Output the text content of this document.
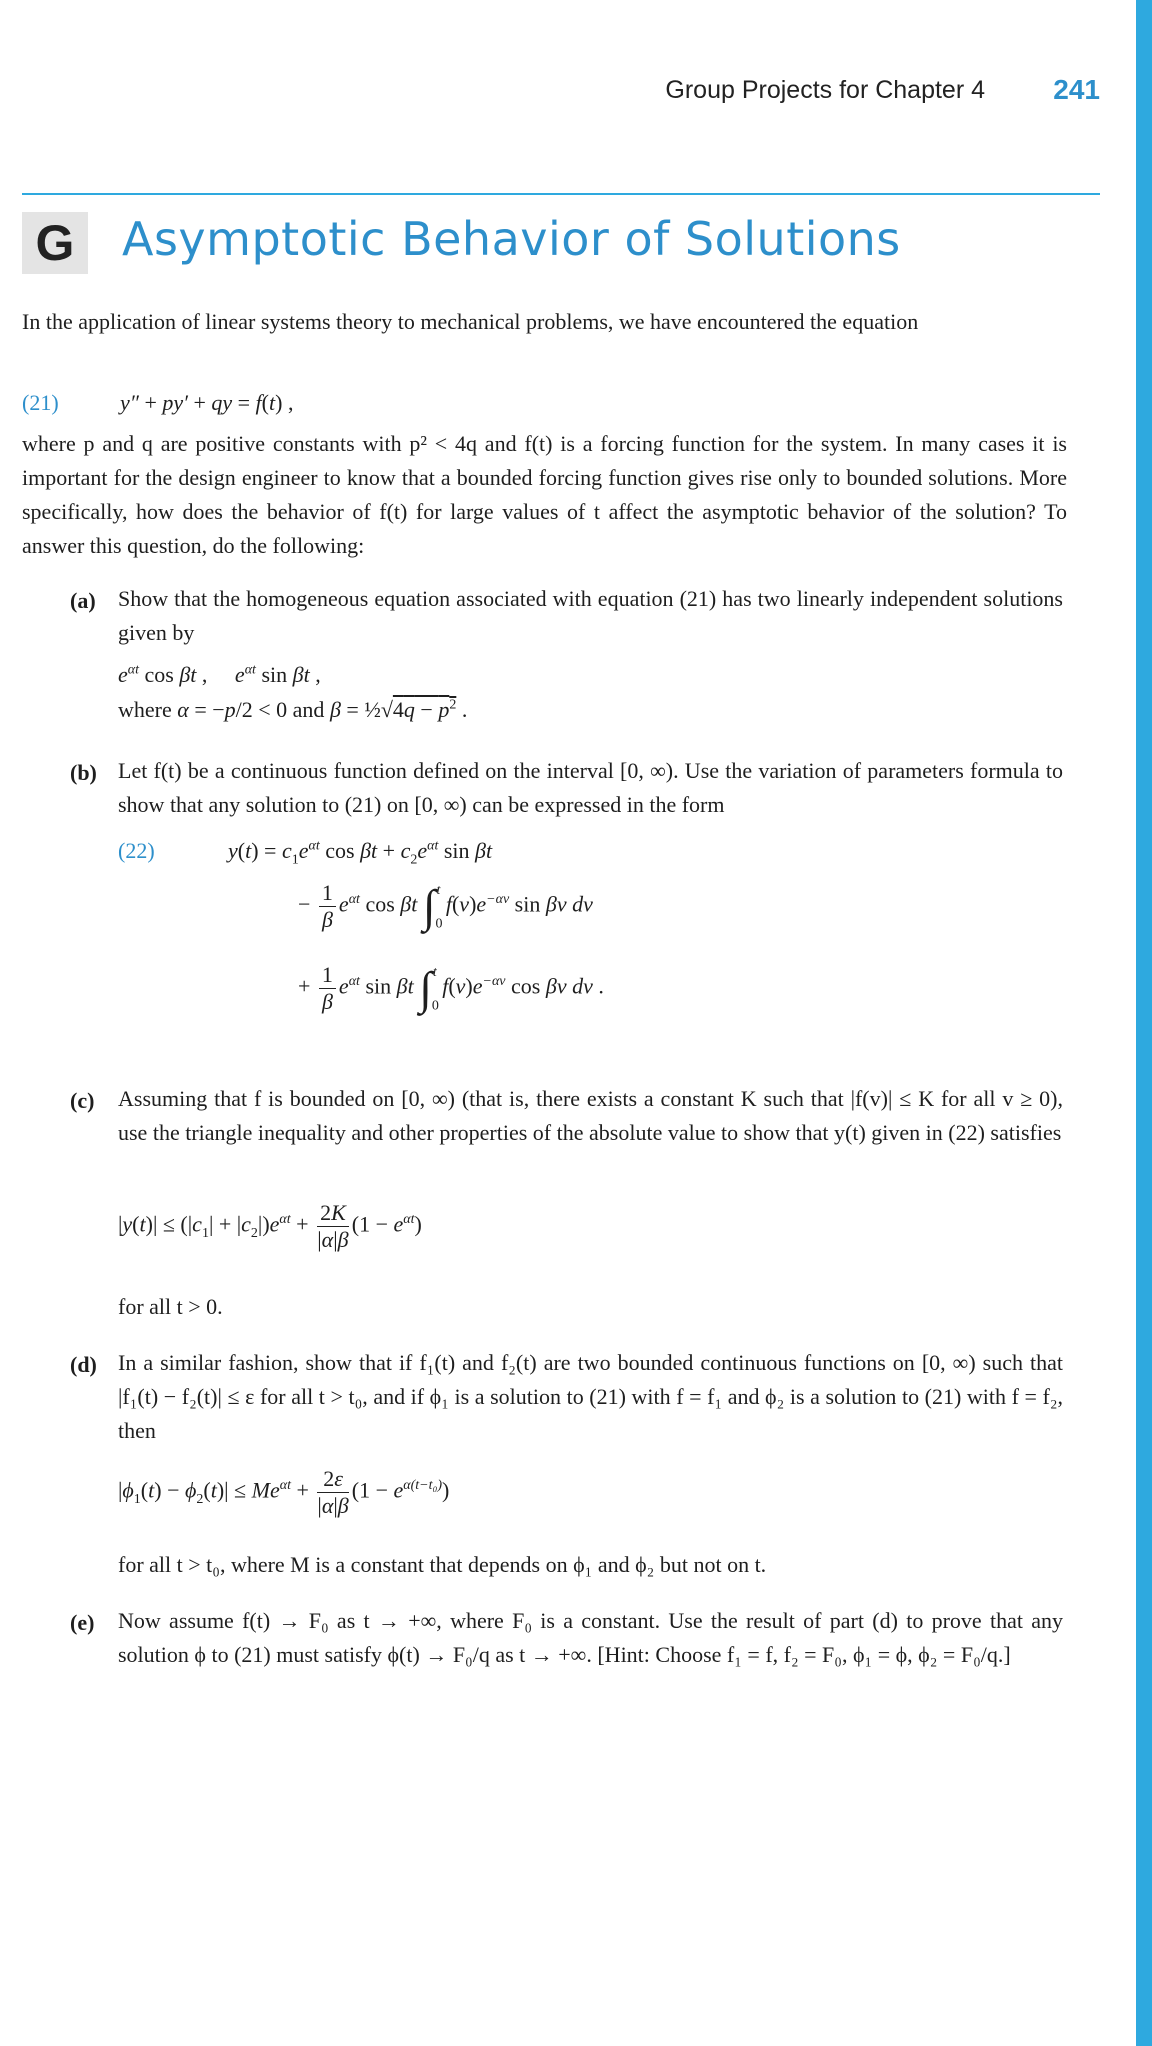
Group Projects for Chapter 4 241
G Asymptotic Behavior of Solutions
In the application of linear systems theory to mechanical problems, we have encountered the equation
(21)	y″ + py′ + qy = f(t) ,
where p and q are positive constants with p² < 4q and f(t) is a forcing function for the system. In many cases it is important for the design engineer to know that a bounded forcing function gives rise only to bounded solutions. More specifically, how does the behavior of f(t) for large values of t affect the asymptotic behavior of the solution? To answer this question, do the following:
(a) Show that the homogeneous equation associated with equation (21) has two linearly independent solutions given by
$e^{\alpha t}$ cos βt ,     $e^{\alpha t}$ sin βt ,
where α = −p/2 < 0 and β = ½√4q − $p^2$ .
(b) Let f(t) be a continuous function defined on the interval [0, ∞). Use the variation of parameters formula to show that any solution to (21) on [0, ∞) can be expressed in the form
(22)	$y(t) = c_1e^{\alpha t}$ $\cos \beta t + c_2e^{\alpha t}$ sin βt
− $\frac{1}{\beta} e^{\alpha t}$ cos βt $\int_0^t$ $f(v)e^{-\alpha v}$ sin βv dv
+ $\frac{1}{\beta} e^{\alpha t}$ sin βt $\int_0^t$ $f(v)e^{-\alpha v}$ cos βv dv .
(c) Assuming that f is bounded on [0, ∞) (that is, there exists a constant K such that |f(v)| ≤ K for all v ≥ 0), use the triangle inequality and other properties of the absolute value to show that y(t) given in (22) satisfies
$|y(t)| \le (|c_1| + |c_2|)e^{\alpha t} + \frac{2K}{|\alpha|\beta} (1 - e^{\alpha t})$
for all t > 0.
(d) In a similar fashion, show that if f₁(t) and f₂(t) are two bounded continuous functions on [0, ∞) such that |f₁(t) − f₂(t)| ≤ ε for all t > t₀, and if ϕ₁ is a solution to (21) with f = f₁ and ϕ₂ is a solution to (21) with f = f₂, then
$|\phi_1(t) - \phi_2(t)| \le Me^{\alpha t} + \frac{2\varepsilon}{|\alpha|\beta} (1 - e^{\alpha(t-t_0)})$
for all t > t₀, where M is a constant that depends on ϕ₁ and ϕ₂ but not on t.
(e) Now assume f(t) → F₀ as t → +∞, where F₀ is a constant. Use the result of part (d) to prove that any solution ϕ to (21) must satisfy ϕ(t) → F₀/q as t → +∞. [Hint: Choose f₁ = f, f₂ = F₀, ϕ₁ = ϕ, ϕ₂ = F₀/q.]
